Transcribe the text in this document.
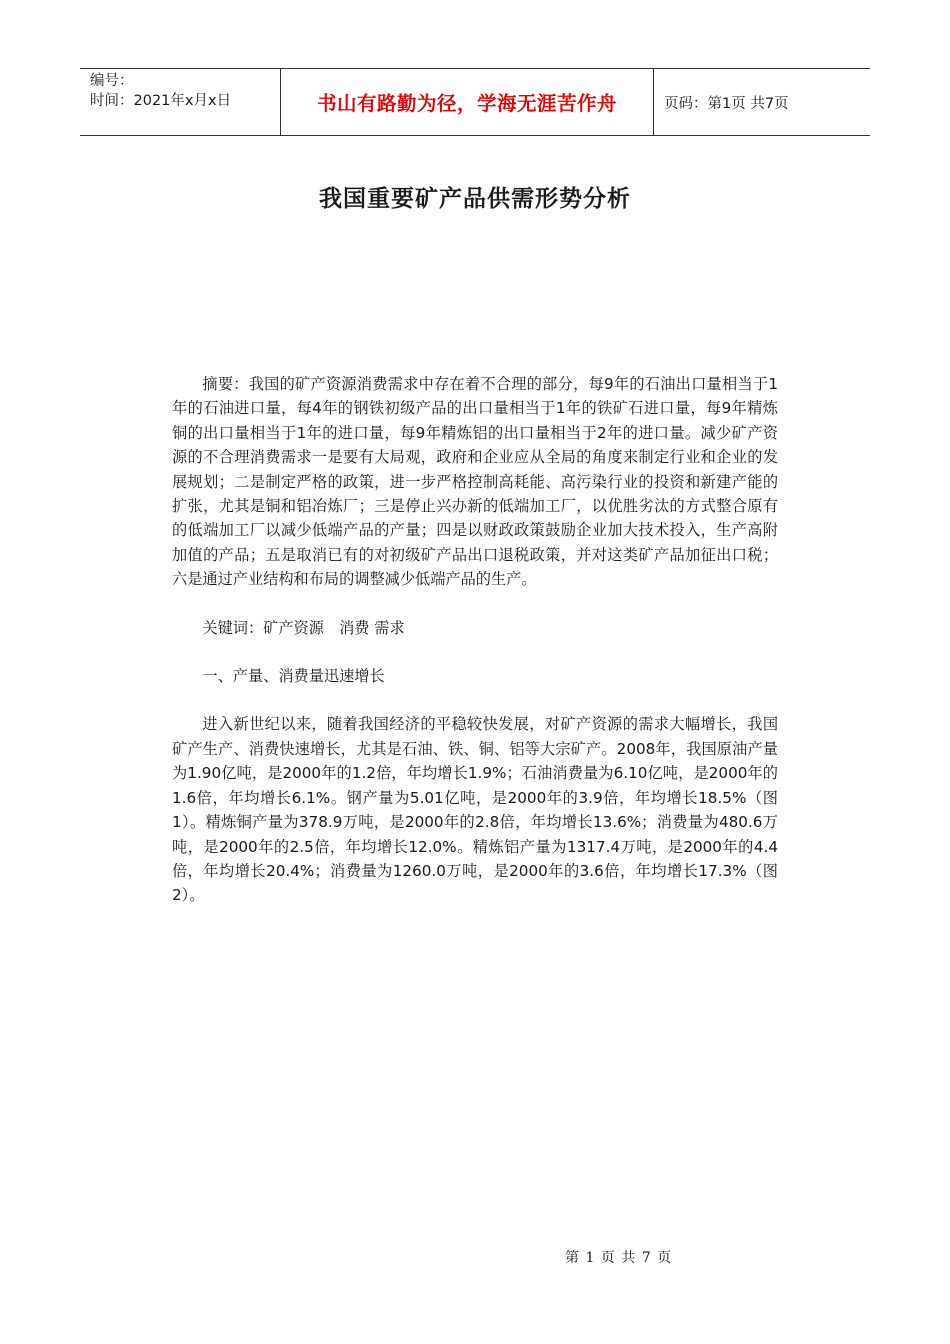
编号：
时间：2021年x月x日	书山有路勤为径，学海无涯苦作舟	页码：第1页 共7页
我国重要矿产品供需形势分析

摘要：我国的矿产资源消费需求中存在着不合理的部分，每9年的石油出口量相当于1年的石油进口量，每4年的钢铁初级产品的出口量相当于1年的铁矿石进口量，每9年精炼铜的出口量相当于1年的进口量，每9年精炼铝的出口量相当于2年的进口量。减少矿产资源的不合理消费需求一是要有大局观，政府和企业应从全局的角度来制定行业和企业的发展规划；二是制定严格的政策，进一步严格控制高耗能、高污染行业的投资和新建产能的扩张，尤其是铜和铝冶炼厂；三是停止兴办新的低端加工厂，以优胜劣汰的方式整合原有的低端加工厂以减少低端产品的产量；四是以财政政策鼓励企业加大技术投入，生产高附加值的产品；五是取消已有的对初级矿产品出口退税政策，并对这类矿产品加征出口税；六是通过产业结构和布局的调整减少低端产品的生产。

关键词：矿产资源　消费 需求

一、产量、消费量迅速增长

进入新世纪以来，随着我国经济的平稳较快发展，对矿产资源的需求大幅增长，我国矿产生产、消费快速增长，尤其是石油、铁、铜、铝等大宗矿产。2008年，我国原油产量为1.90亿吨，是2000年的1.2倍，年均增长1.9%；石油消费量为6.10亿吨，是2000年的1.6倍，年均增长6.1%。钢产量为5.01亿吨，是2000年的3.9倍，年均增长18.5%（图1）。精炼铜产量为378.9万吨，是2000年的2.8倍，年均增长13.6%；消费量为480.6万吨，是2000年的2.5倍，年均增长12.0%。精炼铝产量为1317.4万吨，是2000年的4.4倍，年均增长20.4%；消费量为1260.0万吨，是2000年的3.6倍，年均增长17.3%（图2）。

第 1 页 共 7 页
